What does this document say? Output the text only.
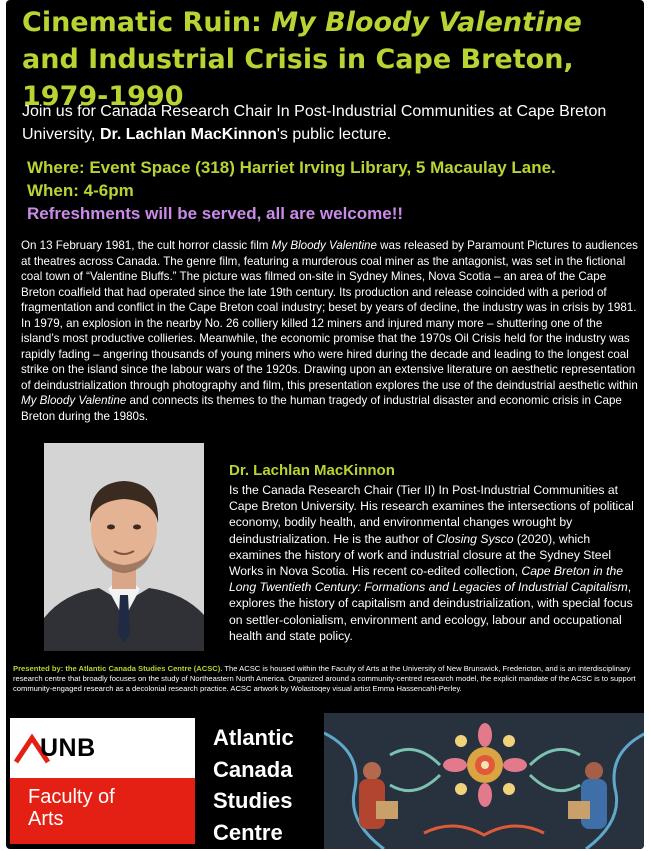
Cinematic Ruin: My Bloody Valentine and Industrial Crisis in Cape Breton, 1979-1990
Join us for Canada Research Chair In Post-Industrial Communities at Cape Breton University, Dr. Lachlan MacKinnon's public lecture.
Where: Event Space (318) Harriet Irving Library, 5 Macaulay Lane.
When: 4-6pm
Refreshments will be served, all are welcome!!
On 13 February 1981, the cult horror classic film My Bloody Valentine was released by Paramount Pictures to audiences at theatres across Canada. The genre film, featuring a murderous coal miner as the antagonist, was set in the fictional coal town of “Valentine Bluffs.” The picture was filmed on-site in Sydney Mines, Nova Scotia – an area of the Cape Breton coalfield that had operated since the late 19th century. Its production and release coincided with a period of fragmentation and conflict in the Cape Breton coal industry; beset by years of decline, the industry was in crisis by 1981. In 1979, an explosion in the nearby No. 26 colliery killed 12 miners and injured many more – shuttering one of the island’s most productive collieries. Meanwhile, the economic promise that the 1970s Oil Crisis held for the industry was rapidly fading – angering thousands of young miners who were hired during the decade and leading to the longest coal strike on the island since the labour wars of the 1920s. Drawing upon an extensive literature on aesthetic representation of deindustrialization through photography and film, this presentation explores the use of the deindustrial aesthetic within My Bloody Valentine and connects its themes to the human tragedy of industrial disaster and economic crisis in Cape Breton during the 1980s.
Dr. Lachlan MacKinnon
Is the Canada Research Chair (Tier II) In Post-Industrial Communities at Cape Breton University. His research examines the intersections of political economy, bodily health, and environmental changes wrought by deindustrialization. He is the author of Closing Sysco (2020), which examines the history of work and industrial closure at the Sydney Steel Works in Nova Scotia. His recent co-edited collection, Cape Breton in the Long Twentieth Century: Formations and Legacies of Industrial Capitalism, explores the history of capitalism and deindustrialization, with special focus on settler-colonialism, environment and ecology, labour and occupational health and state policy.
Presented by: the Atlantic Canada Studies Centre (ACSC). The ACSC is housed within the Faculty of Arts at the University of New Brunswick, Fredericton, and is an interdisciplinary research centre that broadly focuses on the study of Northeastern North America. Organized around a community-centred research model, the explicit mandate of the ACSC is to support community-engaged research as a decolonial research practice. ACSC artwork by Wolastoqey visual artist Emma Hassencahl-Perley.
Atlantic
Canada
Studies
Centre
UNB
Faculty of
Arts
